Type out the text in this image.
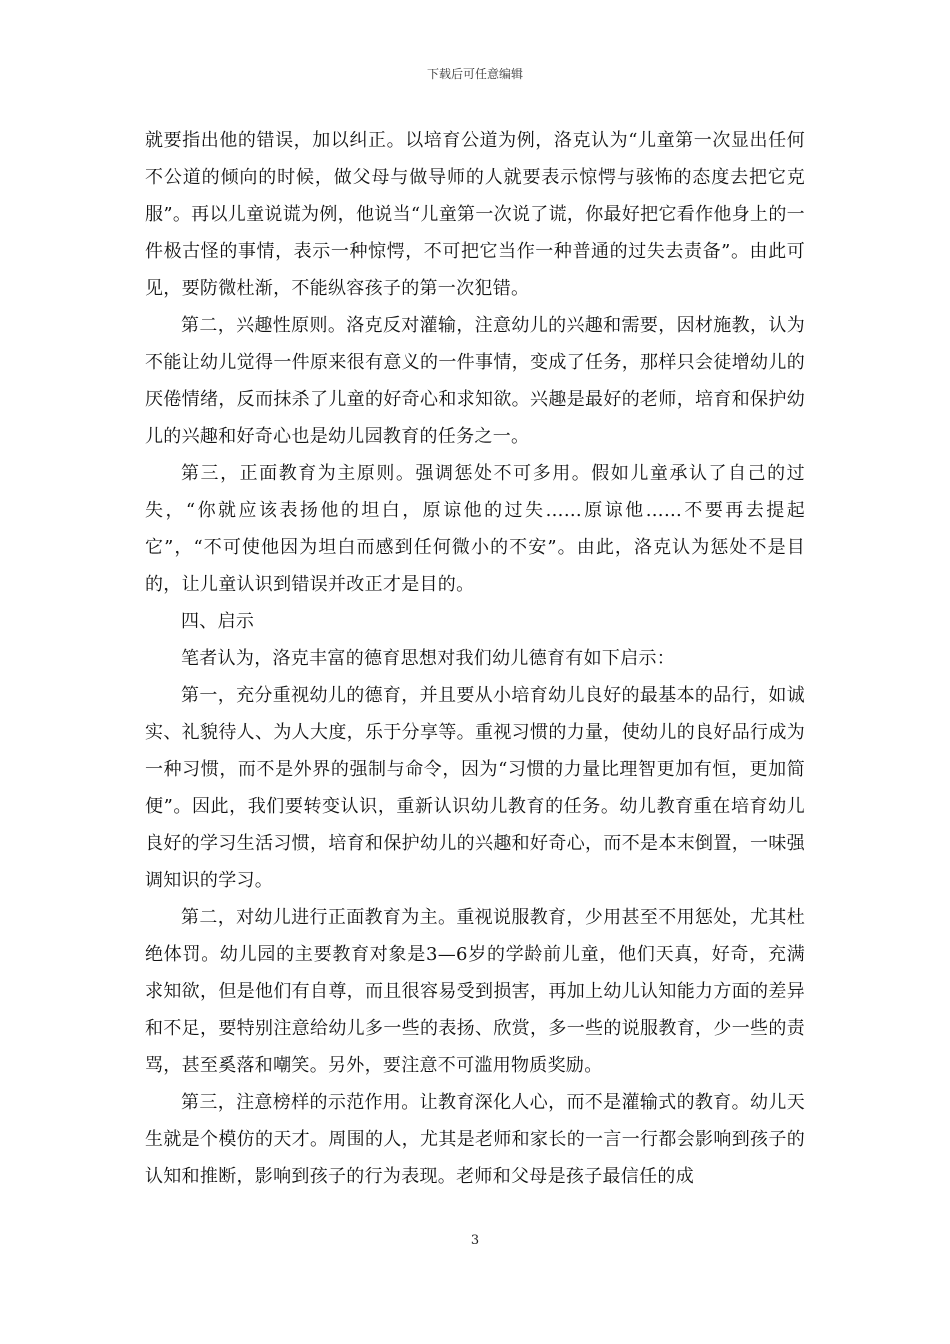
下载后可任意编辑

就要指出他的错误，加以纠正。以培育公道为例，洛克认为“儿童第一次显出任何不公道的倾向的时候，做父母与做导师的人就要表示惊愕与骇怖的态度去把它克服”。再以儿童说谎为例，他说当“儿童第一次说了谎，你最好把它看作他身上的一件极古怪的事情，表示一种惊愕，不可把它当作一种普通的过失去责备”。由此可见，要防微杜渐，不能纵容孩子的第一次犯错。

第二，兴趣性原则。洛克反对灌输，注意幼儿的兴趣和需要，因材施教，认为不能让幼儿觉得一件原来很有意义的一件事情，变成了任务，那样只会徒增幼儿的厌倦情绪，反而抹杀了儿童的好奇心和求知欲。兴趣是最好的老师，培育和保护幼儿的兴趣和好奇心也是幼儿园教育的任务之一。

第三，正面教育为主原则。强调惩处不可多用。假如儿童承认了自己的过失，“你就应该表扬他的坦白，原谅他的过失……原谅他……不要再去提起它”，“不可使他因为坦白而感到任何微小的不安”。由此，洛克认为惩处不是目的，让儿童认识到错误并改正才是目的。

四、启示

笔者认为，洛克丰富的德育思想对我们幼儿德育有如下启示：

第一，充分重视幼儿的德育，并且要从小培育幼儿良好的最基本的品行，如诚实、礼貌待人、为人大度，乐于分享等。重视习惯的力量，使幼儿的良好品行成为一种习惯，而不是外界的强制与命令，因为“习惯的力量比理智更加有恒，更加简便”。因此，我们要转变认识，重新认识幼儿教育的任务。幼儿教育重在培育幼儿良好的学习生活习惯，培育和保护幼儿的兴趣和好奇心，而不是本末倒置，一味强调知识的学习。

第二，对幼儿进行正面教育为主。重视说服教育，少用甚至不用惩处，尤其杜绝体罚。幼儿园的主要教育对象是3—6岁的学龄前儿童，他们天真，好奇，充满求知欲，但是他们有自尊，而且很容易受到损害，再加上幼儿认知能力方面的差异和不足，要特别注意给幼儿多一些的表扬、欣赏，多一些的说服教育，少一些的责骂，甚至奚落和嘲笑。另外，要注意不可滥用物质奖励。

第三，注意榜样的示范作用。让教育深化人心，而不是灌输式的教育。幼儿天生就是个模仿的天才。周围的人，尤其是老师和家长的一言一行都会影响到孩子的认知和推断，影响到孩子的行为表现。老师和父母是孩子最信任的成

3
